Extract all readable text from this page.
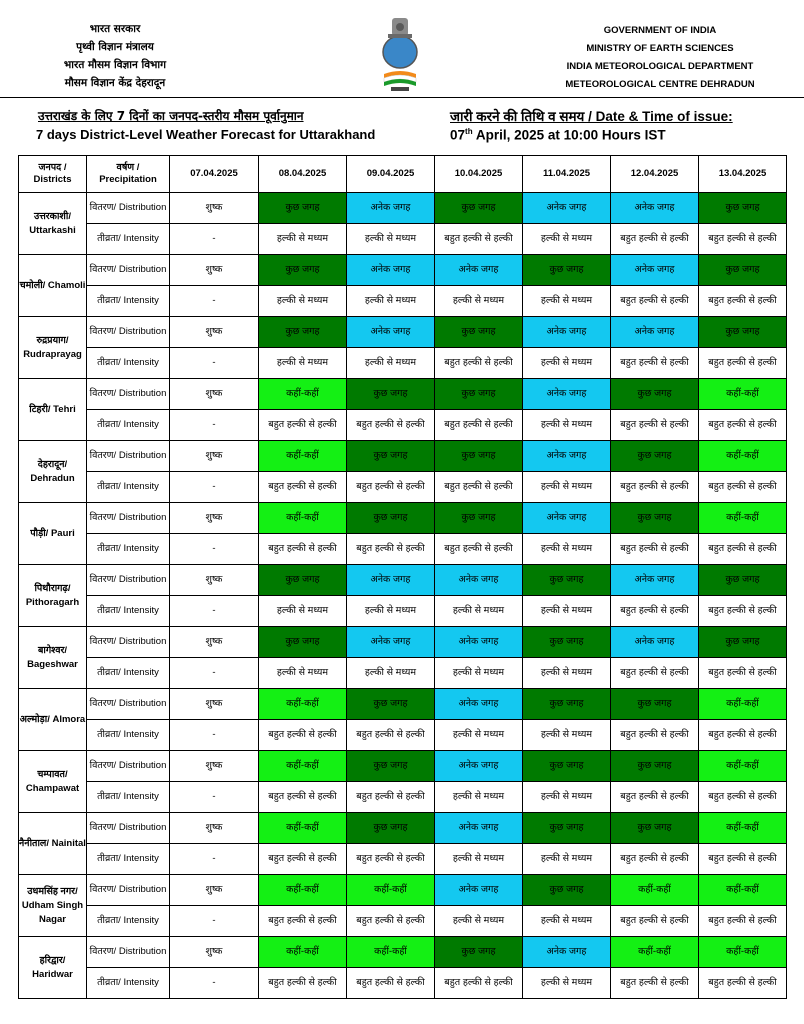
भारत सरकार
पृथ्वी विज्ञान मंत्रालय
भारत मौसम विज्ञान विभाग
मौसम विज्ञान केंद्र देहरादून
GOVERNMENT OF INDIA
MINISTRY OF EARTH SCIENCES
INDIA METEOROLOGICAL DEPARTMENT
METEOROLOGICAL CENTRE DEHRADUN
उत्तराखंड के लिए 7 दिनों का जनपद-स्तरीय मौसम पूर्वानुमान
7 days District-Level Weather Forecast for Uttarakhand
जारी करने की तिथि व समय / Date & Time of issue:
07th April, 2025 at 10:00 Hours IST
जनपद / Districts	वर्षण / Precipitation	07.04.2025	08.04.2025	09.04.2025	10.04.2025	11.04.2025	12.04.2025	13.04.2025
उत्तरकाशी/ Uttarkashi	वितरण/ Distribution	शुष्क	कुछ जगह	अनेक जगह	कुछ जगह	अनेक जगह	अनेक जगह	कुछ जगह
	तीव्रता/ Intensity	-	हल्की से मध्यम	हल्की से मध्यम	बहुत हल्की से हल्की	हल्की से मध्यम	बहुत हल्की से हल्की	बहुत हल्की से हल्की
चमोली/ Chamoli	वितरण/ Distribution	शुष्क	कुछ जगह	अनेक जगह	अनेक जगह	कुछ जगह	अनेक जगह	कुछ जगह
	तीव्रता/ Intensity	-	हल्की से मध्यम	हल्की से मध्यम	हल्की से मध्यम	हल्की से मध्यम	बहुत हल्की से हल्की	बहुत हल्की से हल्की
रुद्रप्रयाग/ Rudraprayag	वितरण/ Distribution	शुष्क	कुछ जगह	अनेक जगह	कुछ जगह	अनेक जगह	अनेक जगह	कुछ जगह
	तीव्रता/ Intensity	-	हल्की से मध्यम	हल्की से मध्यम	बहुत हल्की से हल्की	हल्की से मध्यम	बहुत हल्की से हल्की	बहुत हल्की से हल्की
टिहरी/ Tehri	वितरण/ Distribution	शुष्क	कहीं-कहीं	कुछ जगह	कुछ जगह	अनेक जगह	कुछ जगह	कहीं-कहीं
	तीव्रता/ Intensity	-	बहुत हल्की से हल्की	बहुत हल्की से हल्की	बहुत हल्की से हल्की	हल्की से मध्यम	बहुत हल्की से हल्की	बहुत हल्की से हल्की
देहरादून/ Dehradun	वितरण/ Distribution	शुष्क	कहीं-कहीं	कुछ जगह	कुछ जगह	अनेक जगह	कुछ जगह	कहीं-कहीं
	तीव्रता/ Intensity	-	बहुत हल्की से हल्की	बहुत हल्की से हल्की	बहुत हल्की से हल्की	हल्की से मध्यम	बहुत हल्की से हल्की	बहुत हल्की से हल्की
पौड़ी/ Pauri	वितरण/ Distribution	शुष्क	कहीं-कहीं	कुछ जगह	कुछ जगह	अनेक जगह	कुछ जगह	कहीं-कहीं
	तीव्रता/ Intensity	-	बहुत हल्की से हल्की	बहुत हल्की से हल्की	बहुत हल्की से हल्की	हल्की से मध्यम	बहुत हल्की से हल्की	बहुत हल्की से हल्की
पिथौरागढ़/ Pithoragarh	वितरण/ Distribution	शुष्क	कुछ जगह	अनेक जगह	अनेक जगह	कुछ जगह	अनेक जगह	कुछ जगह
	तीव्रता/ Intensity	-	हल्की से मध्यम	हल्की से मध्यम	हल्की से मध्यम	हल्की से मध्यम	बहुत हल्की से हल्की	बहुत हल्की से हल्की
बागेश्वर/ Bageshwar	वितरण/ Distribution	शुष्क	कुछ जगह	अनेक जगह	अनेक जगह	कुछ जगह	अनेक जगह	कुछ जगह
	तीव्रता/ Intensity	-	हल्की से मध्यम	हल्की से मध्यम	हल्की से मध्यम	हल्की से मध्यम	बहुत हल्की से हल्की	बहुत हल्की से हल्की
अल्मोड़ा/ Almora	वितरण/ Distribution	शुष्क	कहीं-कहीं	कुछ जगह	अनेक जगह	कुछ जगह	कुछ जगह	कहीं-कहीं
	तीव्रता/ Intensity	-	बहुत हल्की से हल्की	बहुत हल्की से हल्की	हल्की से मध्यम	हल्की से मध्यम	बहुत हल्की से हल्की	बहुत हल्की से हल्की
चम्पावत/ Champawat	वितरण/ Distribution	शुष्क	कहीं-कहीं	कुछ जगह	अनेक जगह	कुछ जगह	कुछ जगह	कहीं-कहीं
	तीव्रता/ Intensity	-	बहुत हल्की से हल्की	बहुत हल्की से हल्की	हल्की से मध्यम	हल्की से मध्यम	बहुत हल्की से हल्की	बहुत हल्की से हल्की
नैनीताल/ Nainital	वितरण/ Distribution	शुष्क	कहीं-कहीं	कुछ जगह	अनेक जगह	कुछ जगह	कुछ जगह	कहीं-कहीं
	तीव्रता/ Intensity	-	बहुत हल्की से हल्की	बहुत हल्की से हल्की	हल्की से मध्यम	हल्की से मध्यम	बहुत हल्की से हल्की	बहुत हल्की से हल्की
उधमसिंह नगर/ Udham Singh Nagar	वितरण/ Distribution	शुष्क	कहीं-कहीं	कहीं-कहीं	अनेक जगह	कुछ जगह	कहीं-कहीं	कहीं-कहीं
	तीव्रता/ Intensity	-	बहुत हल्की से हल्की	बहुत हल्की से हल्की	हल्की से मध्यम	हल्की से मध्यम	बहुत हल्की से हल्की	बहुत हल्की से हल्की
हरिद्वार/ Haridwar	वितरण/ Distribution	शुष्क	कहीं-कहीं	कहीं-कहीं	कुछ जगह	अनेक जगह	कहीं-कहीं	कहीं-कहीं
	तीव्रता/ Intensity	-	बहुत हल्की से हल्की	बहुत हल्की से हल्की	बहुत हल्की से हल्की	हल्की से मध्यम	बहुत हल्की से हल्की	बहुत हल्की से हल्की
